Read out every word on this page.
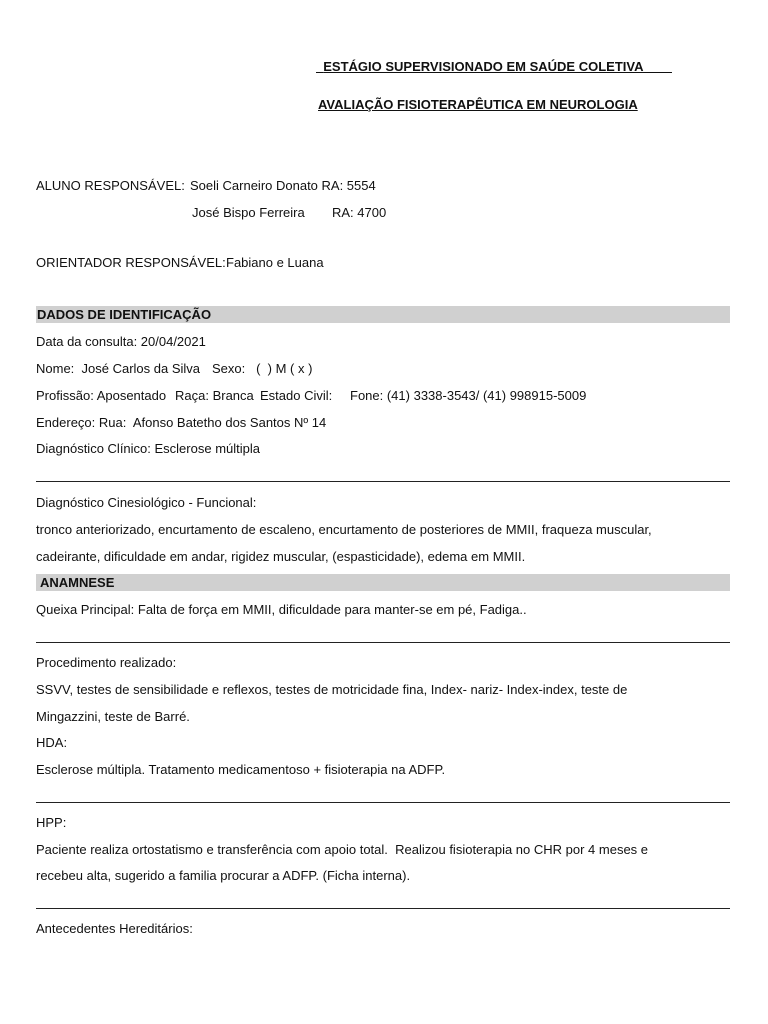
ESTÁGIO SUPERVISIONADO EM SAÚDE COLETIVA

AVALIAÇÃO FISIOTERAPÊUTICA EM NEUROLOGIA
ALUNO RESPONSÁVEL: Soeli Carneiro Donato RA: 5554
José Bispo Ferreira RA: 4700
ORIENTADOR RESPONSÁVEL: Fabiano e Luana
DADOS DE IDENTIFICAÇÃO
Data da consulta: 20/04/2021
Nome:  José Carlos da Silva Sexo:   (  ) M ( x )
Profissão: Aposentado Raça: Branca Estado Civil: Fone: (41) 3338-3543/ (41) 998915-5009
Endereço: Rua:  Afonso Batetho dos Santos Nº 14
Diagnóstico Clínico: Esclerose múltipla
Diagnóstico Cinesiológico - Funcional:
tronco anteriorizado, encurtamento de escaleno, encurtamento de posteriores de MMII, fraqueza muscular,
cadeirante, dificuldade em andar, rigidez muscular, (espasticidade), edema em MMII.
ANAMNESE
Queixa Principal: Falta de força em MMII, dificuldade para manter-se em pé, Fadiga..
Procedimento realizado:
SSVV, testes de sensibilidade e reflexos, testes de motricidade fina, Index- nariz- Index-index, teste de
Mingazzini, teste de Barré.
HDA:
Esclerose múltipla. Tratamento medicamentoso + fisioterapia na ADFP.
HPP:
Paciente realiza ortostatismo e transferência com apoio total.  Realizou fisioterapia no CHR por 4 meses e
recebeu alta, sugerido a familia procurar a ADFP. (Ficha interna).
Antecedentes Hereditários:
